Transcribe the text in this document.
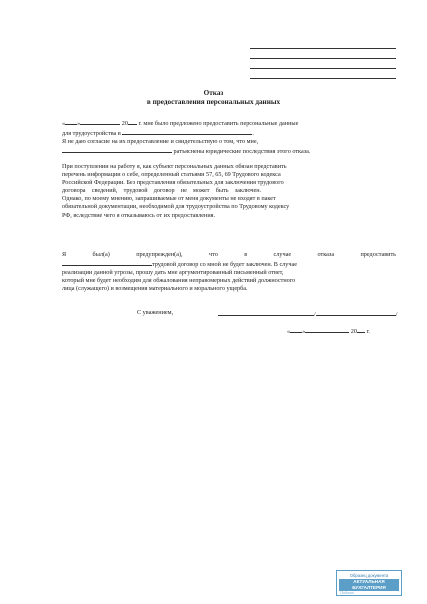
Отказ
в предоставления персональных данных
« »	20 г. мне было предложено предоставить персональные данные
для трудоустройства в	.
Я не даю согласие на их предоставление и свидетельствую о том, что мне,
ратъяснены юридические последствия этого отказа.
При поступлении на работу я, как субъект персональных данных обязан представить
перечень информации о себе, определенный статьями 57, 65, 69 Трудового кодекса
Российской Федерации. Без представления обязательных для заключения трудового
договора    сведений,    трудовой    договор    не    может    быть    заключен.
Однако, по моему мнению, запрашиваемые от меня документы не входят в пакет
обязательной документации, необходимой для трудоустройства по Трудовому кодексу
РФ, вследствие чего я отказываюсь от их предоставления.
Я	был(а)	предупрежден(а),	что	в	случае	отказа	предоставить
трудовой договор со мной не будет заключен. В случае
реализации данной угрозы, прошу дать мне аргументированный письменный ответ,
который мне будет необходим для обжалования неправомерных действий должностного
лица (служащего) и возмещения материального и морального ущерба.
С уважением,	/	/
« »	20 г.
Образец документа
АКТУАЛЬНАЯ БУХГАЛТЕРИЯ
Подпись
